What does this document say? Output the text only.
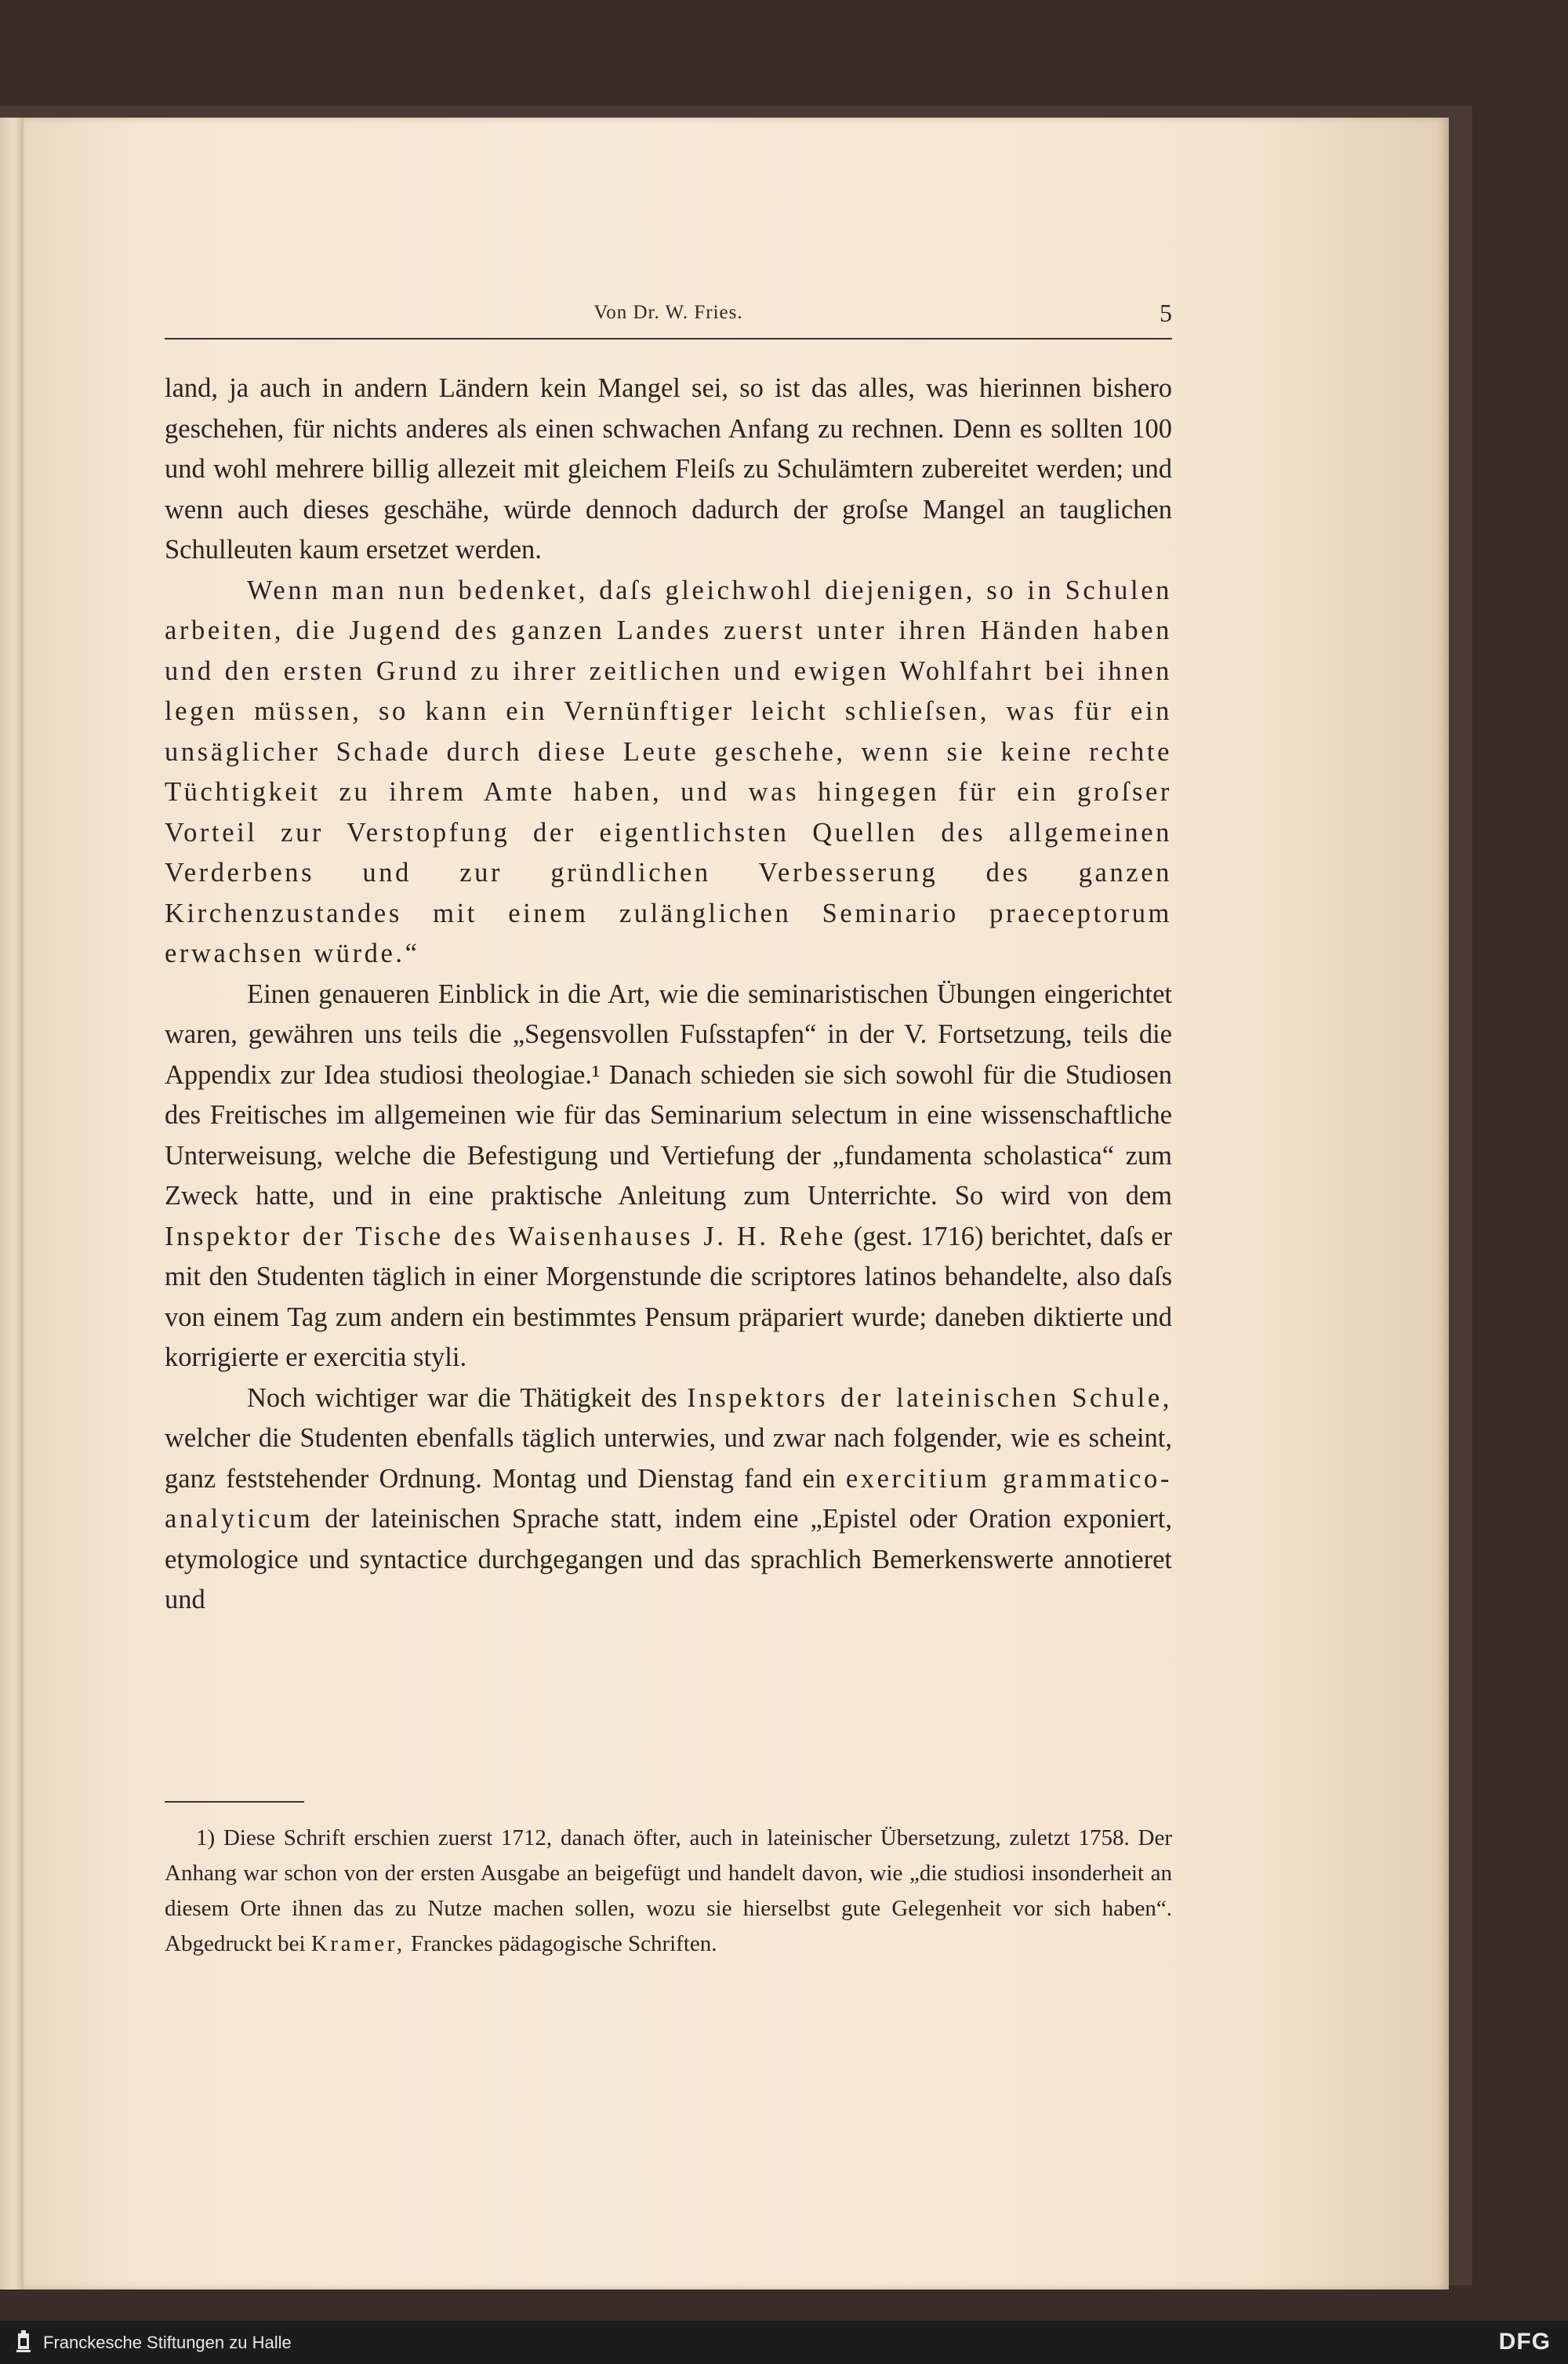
Von Dr. W. Fries.	5

land, ja auch in andern Ländern kein Mangel sei, so ist das alles, was hierinnen bishero geschehen, für nichts anderes als einen schwachen Anfang zu rechnen. Denn es sollten 100 und wohl mehrere billig allezeit mit gleichem Fleiſs zu Schulämtern zubereitet werden; und wenn auch dieses geschähe, würde dennoch dadurch der groſse Mangel an tauglichen Schulleuten kaum ersetzet werden.

Wenn man nun bedenket, daſs gleichwohl diejenigen, so in Schulen arbeiten, die Jugend des ganzen Landes zuerst unter ihren Händen haben und den ersten Grund zu ihrer zeitlichen und ewigen Wohlfahrt bei ihnen legen müssen, so kann ein Vernünftiger leicht schlieſsen, was für ein unsäglicher Schade durch diese Leute geschehe, wenn sie keine rechte Tüchtigkeit zu ihrem Amte haben, und was hingegen für ein groſser Vorteil zur Verstopfung der eigentlichsten Quellen des allgemeinen Verderbens und zur gründlichen Verbesserung des ganzen Kirchenzustandes mit einem zulänglichen Seminario praeceptorum erwachsen würde.“

Einen genaueren Einblick in die Art, wie die seminaristischen Übungen eingerichtet waren, gewähren uns teils die „Segensvollen Fuſsstapfen“ in der V. Fortsetzung, teils die Appendix zur Idea studiosi theologiae.¹ Danach schieden sie sich sowohl für die Studiosen des Freitisches im allgemeinen wie für das Seminarium selectum in eine wissenschaftliche Unterweisung, welche die Befestigung und Vertiefung der „fundamenta scholastica“ zum Zweck hatte, und in eine praktische Anleitung zum Unterrichte. So wird von dem Inspektor der Tische des Waisenhauses J. H. Rehe (gest. 1716) berichtet, daſs er mit den Studenten täglich in einer Morgenstunde die scriptores latinos behandelte, also daſs von einem Tag zum andern ein bestimmtes Pensum präpariert wurde; daneben diktierte und korrigierte er exercitia styli.

Noch wichtiger war die Thätigkeit des Inspektors der lateinischen Schule, welcher die Studenten ebenfalls täglich unterwies, und zwar nach folgender, wie es scheint, ganz feststehender Ordnung. Montag und Dienstag fand ein exercitium grammatico-analyticum der lateinischen Sprache statt, indem eine „Epistel oder Oration exponiert, etymologice und syntactice durchgegangen und das sprachlich Bemerkenswerte annotieret und

1) Diese Schrift erschien zuerst 1712, danach öfter, auch in lateinischer Übersetzung, zuletzt 1758. Der Anhang war schon von der ersten Ausgabe an beigefügt und handelt davon, wie „die studiosi insonderheit an diesem Orte ihnen das zu Nutze machen sollen, wozu sie hierselbst gute Gelegenheit vor sich haben“. Abgedruckt bei Kramer, Franckes pädagogische Schriften.

Franckesche Stiftungen zu Halle	DFG
